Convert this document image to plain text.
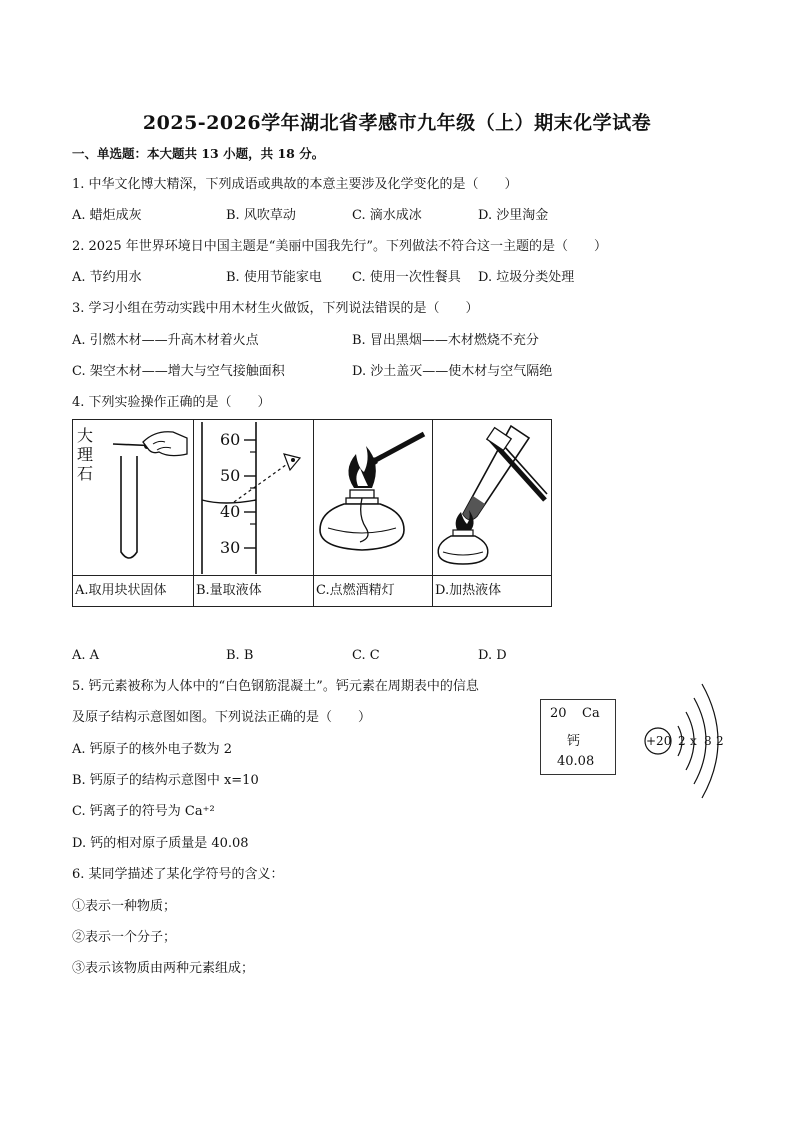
2025-2026学年湖北省孝感市九年级（上）期末化学试卷
一、单选题：本大题共 13 小题，共 18 分。
1. 中华文化博大精深，下列成语或典故的本意主要涉及化学变化的是（　　）
A. 蜡炬成灰	B. 风吹草动	C. 滴水成冰	D. 沙里淘金
2. 2025 年世界环境日中国主题是“美丽中国我先行”。下列做法不符合这一主题的是（　　）
A. 节约用水	B. 使用节能家电 C. 使用一次性餐具 D. 垃圾分类处理
3. 学习小组在劳动实践中用木材生火做饭，下列说法错误的是（　　）
A. 引燃木材——升高木材着火点	B. 冒出黑烟——木材燃烧不充分
C. 架空木材——增大与空气接触面积	D. 沙土盖灭——使木材与空气隔绝
4. 下列实验操作正确的是（　　）
大
理
石
A.取用块状固体
60
50
40
30
B.量取液体	C.点燃酒精灯	D.加热液体
A. A	B. B	C. C	D. D
5. 钙元素被称为人体中的“白色钢筋混凝土”。钙元素在周期表中的信息
及原子结构示意图如图。下列说法正确的是（　　）
A. 钙原子的核外电子数为 2
B. 钙原子的结构示意图中 x=10
C. 钙离子的符号为 Ca⁺²
D. 钙的相对原子质量是 40.08
20 Ca
钙
40.08
+20 2 x 8 2
6. 某同学描述了某化学符号的含义：
①表示一种物质；
②表示一个分子；
③表示该物质由两种元素组成；
